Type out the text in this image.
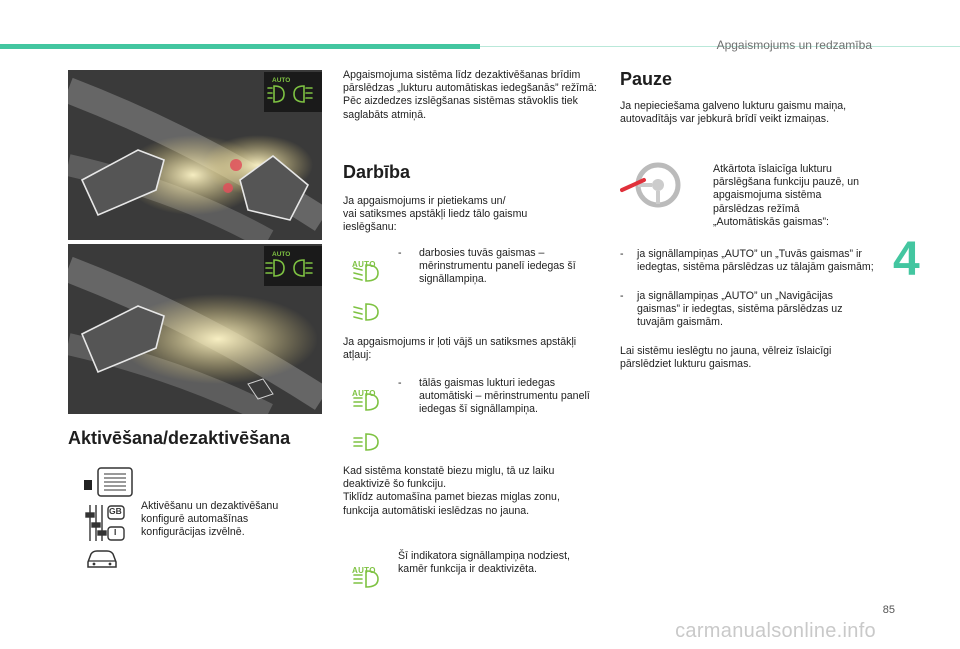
Apgaismojums un redzamība
AUTO
AUTO
Aktivēšana/dezaktivēšana
GB
I
Aktivēšanu un dezaktivēšanu konfigurē automašīnas konfigurācijas izvēlnē.
Apgaismojuma sistēma līdz dezaktivēšanas brīdim pārslēdzas „lukturu automātiskas iedegšanās” režīmā:
Pēc aizdedzes izslēgšanas sistēmas stāvoklis tiek saglabāts atmiņā.
Darbība
Ja apgaismojums ir pietiekams un/
vai satiksmes apstākļi liedz tālo gaismu ieslēgšanu:
AUTO
- darbosies tuvās gaismas – mērinstrumentu panelī iedegas šī signāllampiņa.
Ja apgaismojums ir ļoti vājš un satiksmes apstākļi atļauj:
AUTO
- tālās gaismas lukturi iedegas automātiski – mērinstrumentu panelī iedegas šī signāllampiņa.
Kad sistēma konstatē biezu miglu, tā uz laiku deaktivizē šo funkciju.
Tiklīdz automašīna pamet biezas miglas zonu, funkcija automātiski ieslēdzas no jauna.
AUTO
Šī indikatora signāllampiņa nodziest, kamēr funkcija ir deaktivizēta.
Pauze
Ja nepieciešama galveno lukturu gaismu maiņa, autovadītājs var jebkurā brīdī veikt izmaiņas.
Atkārtota īslaicīga lukturu pārslēgšana funkciju pauzē, un apgaismojuma sistēma pārslēdzas režīmā „Automātiskās gaismas”:
- ja signāllampiņas „AUTO” un „Tuvās gaismas” ir iedegtas, sistēma pārslēdzas uz tālajām gaismām;
- ja signāllampiņas „AUTO” un „Navigācijas gaismas” ir iedegtas, sistēma pārslēdzas uz tuvajām gaismām.
Lai sistēmu ieslēgtu no jauna, vēlreiz īslaicīgi pārslēdziet lukturu gaismas.
4
85
carmanualsonline.info
